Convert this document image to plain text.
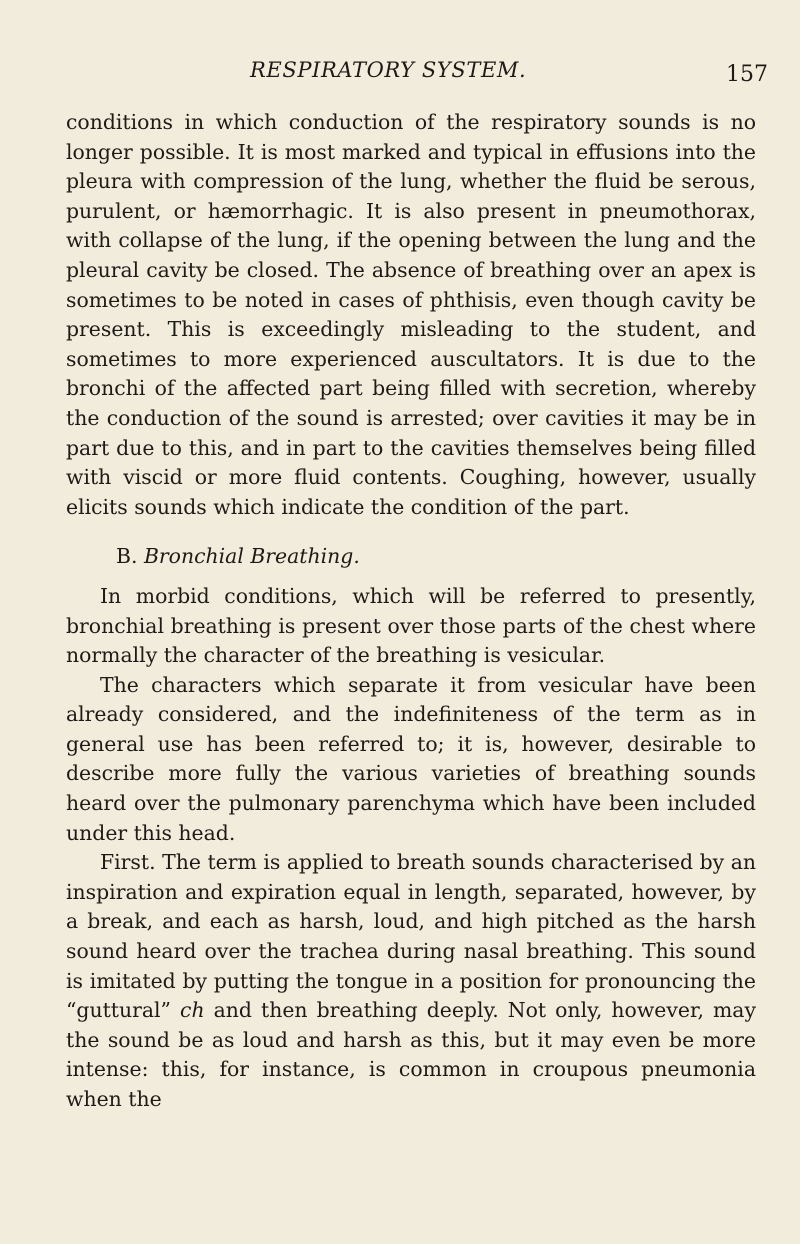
RESPIRATORY SYSTEM.	157

conditions in which conduction of the respiratory sounds is no longer possible. It is most marked and typical in effusions into the pleura with compression of the lung, whether the fluid be serous, purulent, or hæmorrhagic. It is also present in pneumothorax, with collapse of the lung, if the opening between the lung and the pleural cavity be closed. The absence of breathing over an apex is sometimes to be noted in cases of phthisis, even though cavity be present. This is exceedingly misleading to the student, and sometimes to more experienced auscultators. It is due to the bronchi of the affected part being filled with secretion, whereby the conduction of the sound is arrested; over cavities it may be in part due to this, and in part to the cavities themselves being filled with viscid or more fluid contents. Coughing, however, usually elicits sounds which indicate the condition of the part.

B. Bronchial Breathing.

In morbid conditions, which will be referred to presently, bronchial breathing is present over those parts of the chest where normally the character of the breathing is vesicular.

The characters which separate it from vesicular have been already considered, and the indefiniteness of the term as in general use has been referred to; it is, however, desirable to describe more fully the various varieties of breathing sounds heard over the pulmonary parenchyma which have been included under this head.

First. The term is applied to breath sounds characterised by an inspiration and expiration equal in length, separated, however, by a break, and each as harsh, loud, and high pitched as the harsh sound heard over the trachea during nasal breathing. This sound is imitated by putting the tongue in a position for pronouncing the “guttural” ch and then breathing deeply. Not only, however, may the sound be as loud and harsh as this, but it may even be more intense: this, for instance, is common in croupous pneumonia when the
